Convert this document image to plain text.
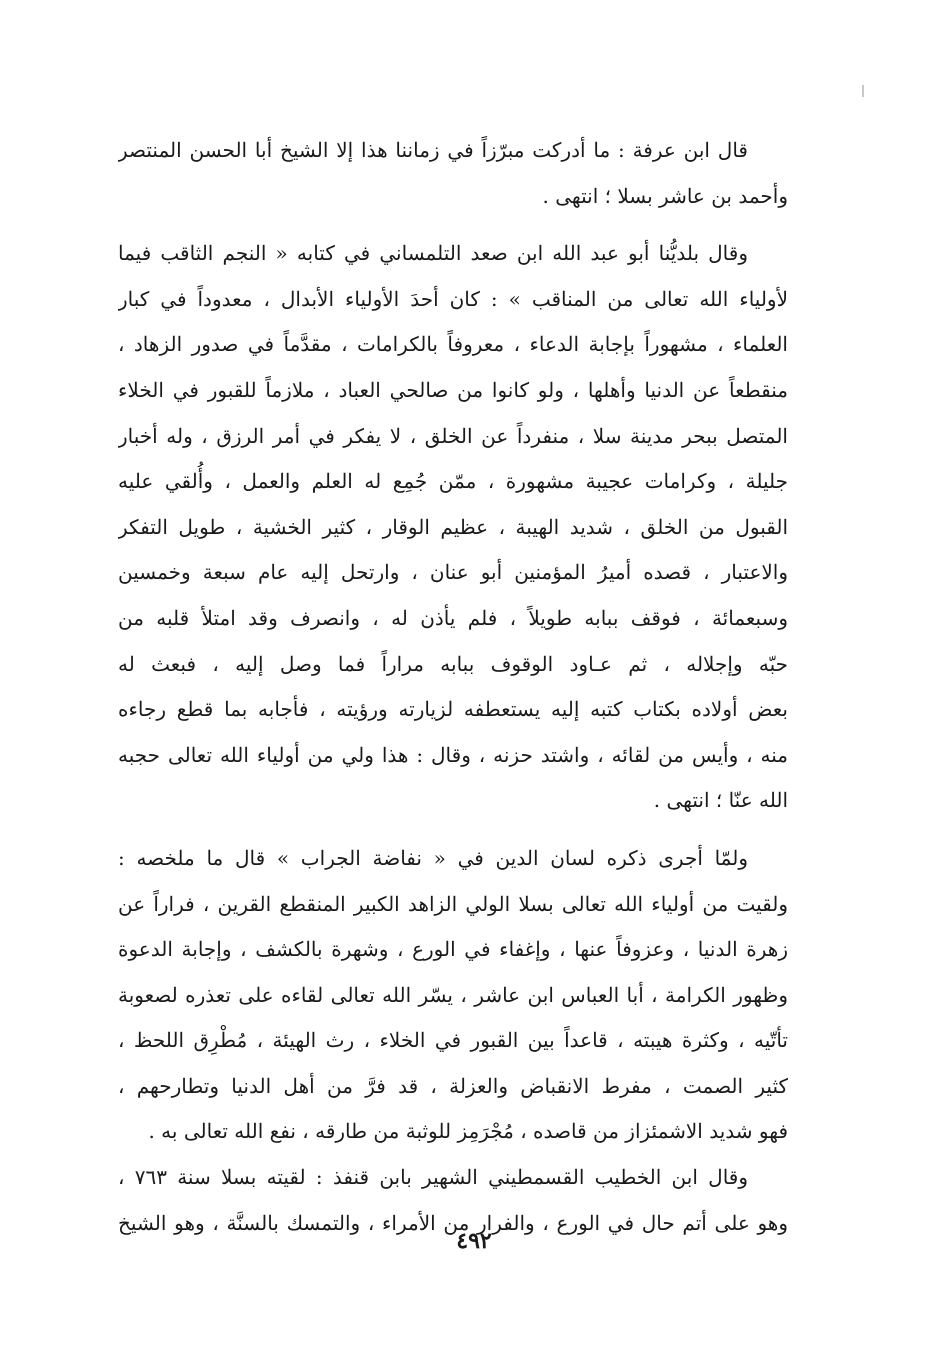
قال ابن عرفة : ما أدركت مبرّزاً في زماننا هذا إلا الشيخ أبا الحسن المنتصر
وأحمد بن عاشر بسلا ؛ انتهى .
وقال بلديُّنا أبو عبد الله ابن صعد التلمساني في كتابه « النجم الثاقب فيما
لأولياء الله تعالى من المناقب » : كان أحدَ الأولياء الأبدال ، معدوداً في كبار
العلماء ، مشهوراً بإجابة الدعاء ، معروفاً بالكرامات ، مقدَّماً في صدور الزهاد ،
منقطعاً عن الدنيا وأهلها ، ولو كانوا من صالحي العباد ، ملازماً للقبور في الخلاء
المتصل ببحر مدينة سلا ، منفرداً عن الخلق ، لا يفكر في أمر الرزق ، وله أخبار
جليلة ، وكرامات عجيبة مشهورة ، ممّن جُمِع له العلم والعمل ، وأُلقي عليه
القبول من الخلق ، شديد الهيبة ، عظيم الوقار ، كثير الخشية ، طويل التفكر
والاعتبار ، قصده أميرُ المؤمنين أبو عنان ، وارتحل إليه عام سبعة وخمسين
وسبعمائة ، فوقف ببابه طويلاً ، فلم يأذن له ، وانصرف وقد امتلأ قلبه من
حبّه وإجلاله ، ثم عـاود الوقوف ببابه مراراً فما وصل إليه ، فبعث له
بعض أولاده بكتاب كتبه إليه يستعطفه لزيارته ورؤيته ، فأجابه بما قطع رجاءه
منه ، وأيس من لقائه ، واشتد حزنه ، وقال : هذا ولي من أولياء الله تعالى حجبه
الله عنّا ؛ انتهى .
ولمّا أجرى ذكره لسان الدين في « نفاضة الجراب » قال ما ملخصه :
ولقيت من أولياء الله تعالى بسلا الولي الزاهد الكبير المنقطع القرين ، فراراً عن
زهرة الدنيا ، وعزوفاً عنها ، وإغفاء في الورع ، وشهرة بالكشف ، وإجابة الدعوة
وظهور الكرامة ، أبا العباس ابن عاشر ، يسّر الله تعالى لقاءه على تعذره لصعوبة
تأتّيه ، وكثرة هيبته ، قاعداً بين القبور في الخلاء ، رث الهيئة ، مُطْرِق اللحظ ،
كثير الصمت ، مفرط الانقباض والعزلة ، قد فرَّ من أهل الدنيا وتطارحهم ،
فهو شديد الاشمئزاز من قاصده ، مُجْرَمِز للوثبة من طارقه ، نفع الله تعالى به .
وقال ابن الخطيب القسمطيني الشهير بابن قنفذ : لقيته بسلا سنة ٧٦٣ ،
وهو على أتم حال في الورع ، والفرار من الأمراء ، والتمسك بالسنَّة ، وهو الشيخ
٤٩٢
